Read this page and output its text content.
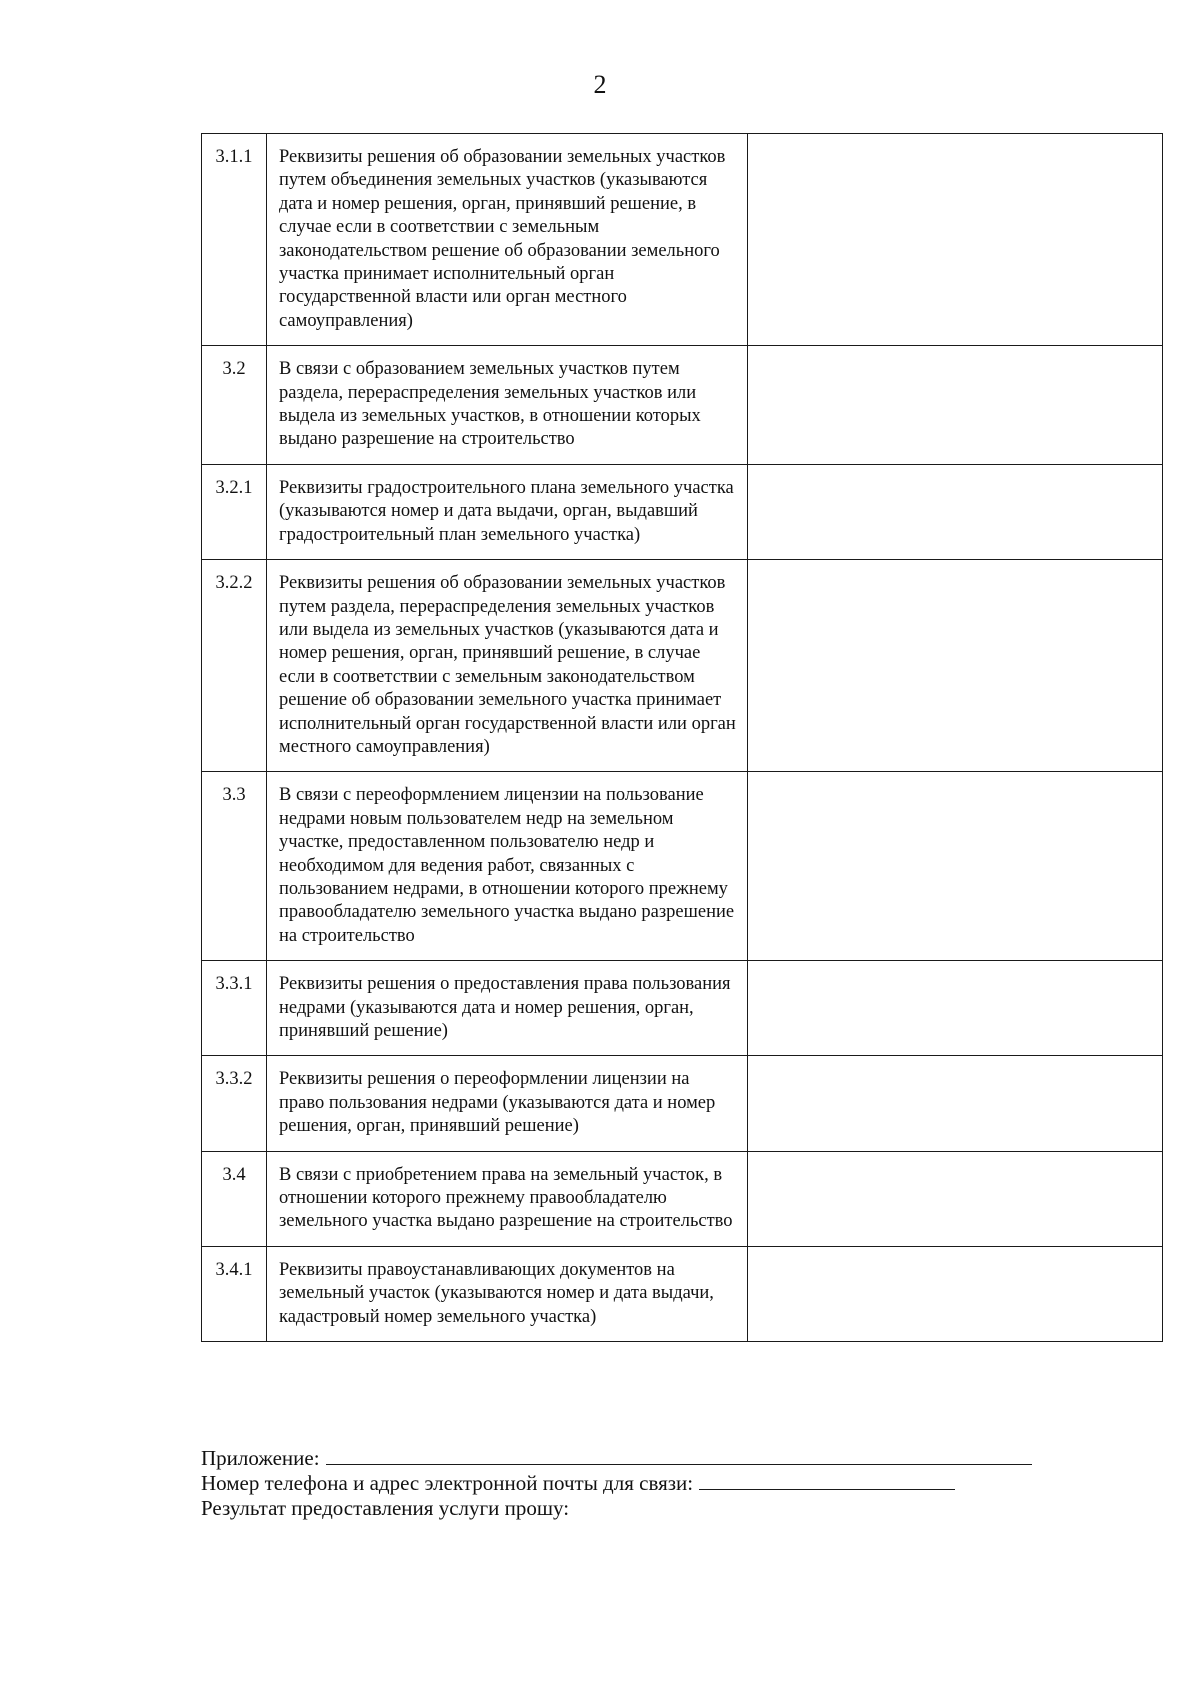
2
3.1.1	Реквизиты решения об образовании земельных участков путем объединения земельных участков (указываются дата и номер решения, орган, принявший решение, в случае если в соответствии с земельным законодательством решение об образовании земельного участка принимает исполнительный орган государственной власти или орган местного самоуправления)	
3.2	В связи с образованием земельных участков путем раздела, перераспределения земельных участков или выдела из земельных участков, в отношении которых выдано разрешение на строительство	
3.2.1	Реквизиты градостроительного плана земельного участка (указываются номер и дата выдачи, орган, выдавший градостроительный план земельного участка)	
3.2.2	Реквизиты решения об образовании земельных участков путем раздела, перераспределения земельных участков или выдела из земельных участков (указываются дата и номер решения, орган, принявший решение, в случае если в соответствии с земельным законодательством решение об образовании земельного участка принимает исполнительный орган государственной власти или орган местного самоуправления)	
3.3	В связи с переоформлением лицензии на пользование недрами новым пользователем недр на земельном участке, предоставленном пользователю недр и необходимом для ведения работ, связанных с пользованием недрами, в отношении которого прежнему правообладателю земельного участка выдано разрешение на строительство	
3.3.1	Реквизиты решения о предоставления права пользования недрами (указываются дата и номер решения, орган, принявший решение)	
3.3.2	Реквизиты решения о переоформлении лицензии на право пользования недрами (указываются дата и номер решения, орган, принявший решение)	
3.4	В связи с приобретением права на земельный участок, в отношении которого прежнему правообладателю земельного участка выдано разрешение на строительство	
3.4.1	Реквизиты правоустанавливающих документов на земельный участок (указываются номер и дата выдачи, кадастровый номер земельного участка)	
Приложение:
Номер телефона и адрес электронной почты для связи:
Результат предоставления услуги прошу:
